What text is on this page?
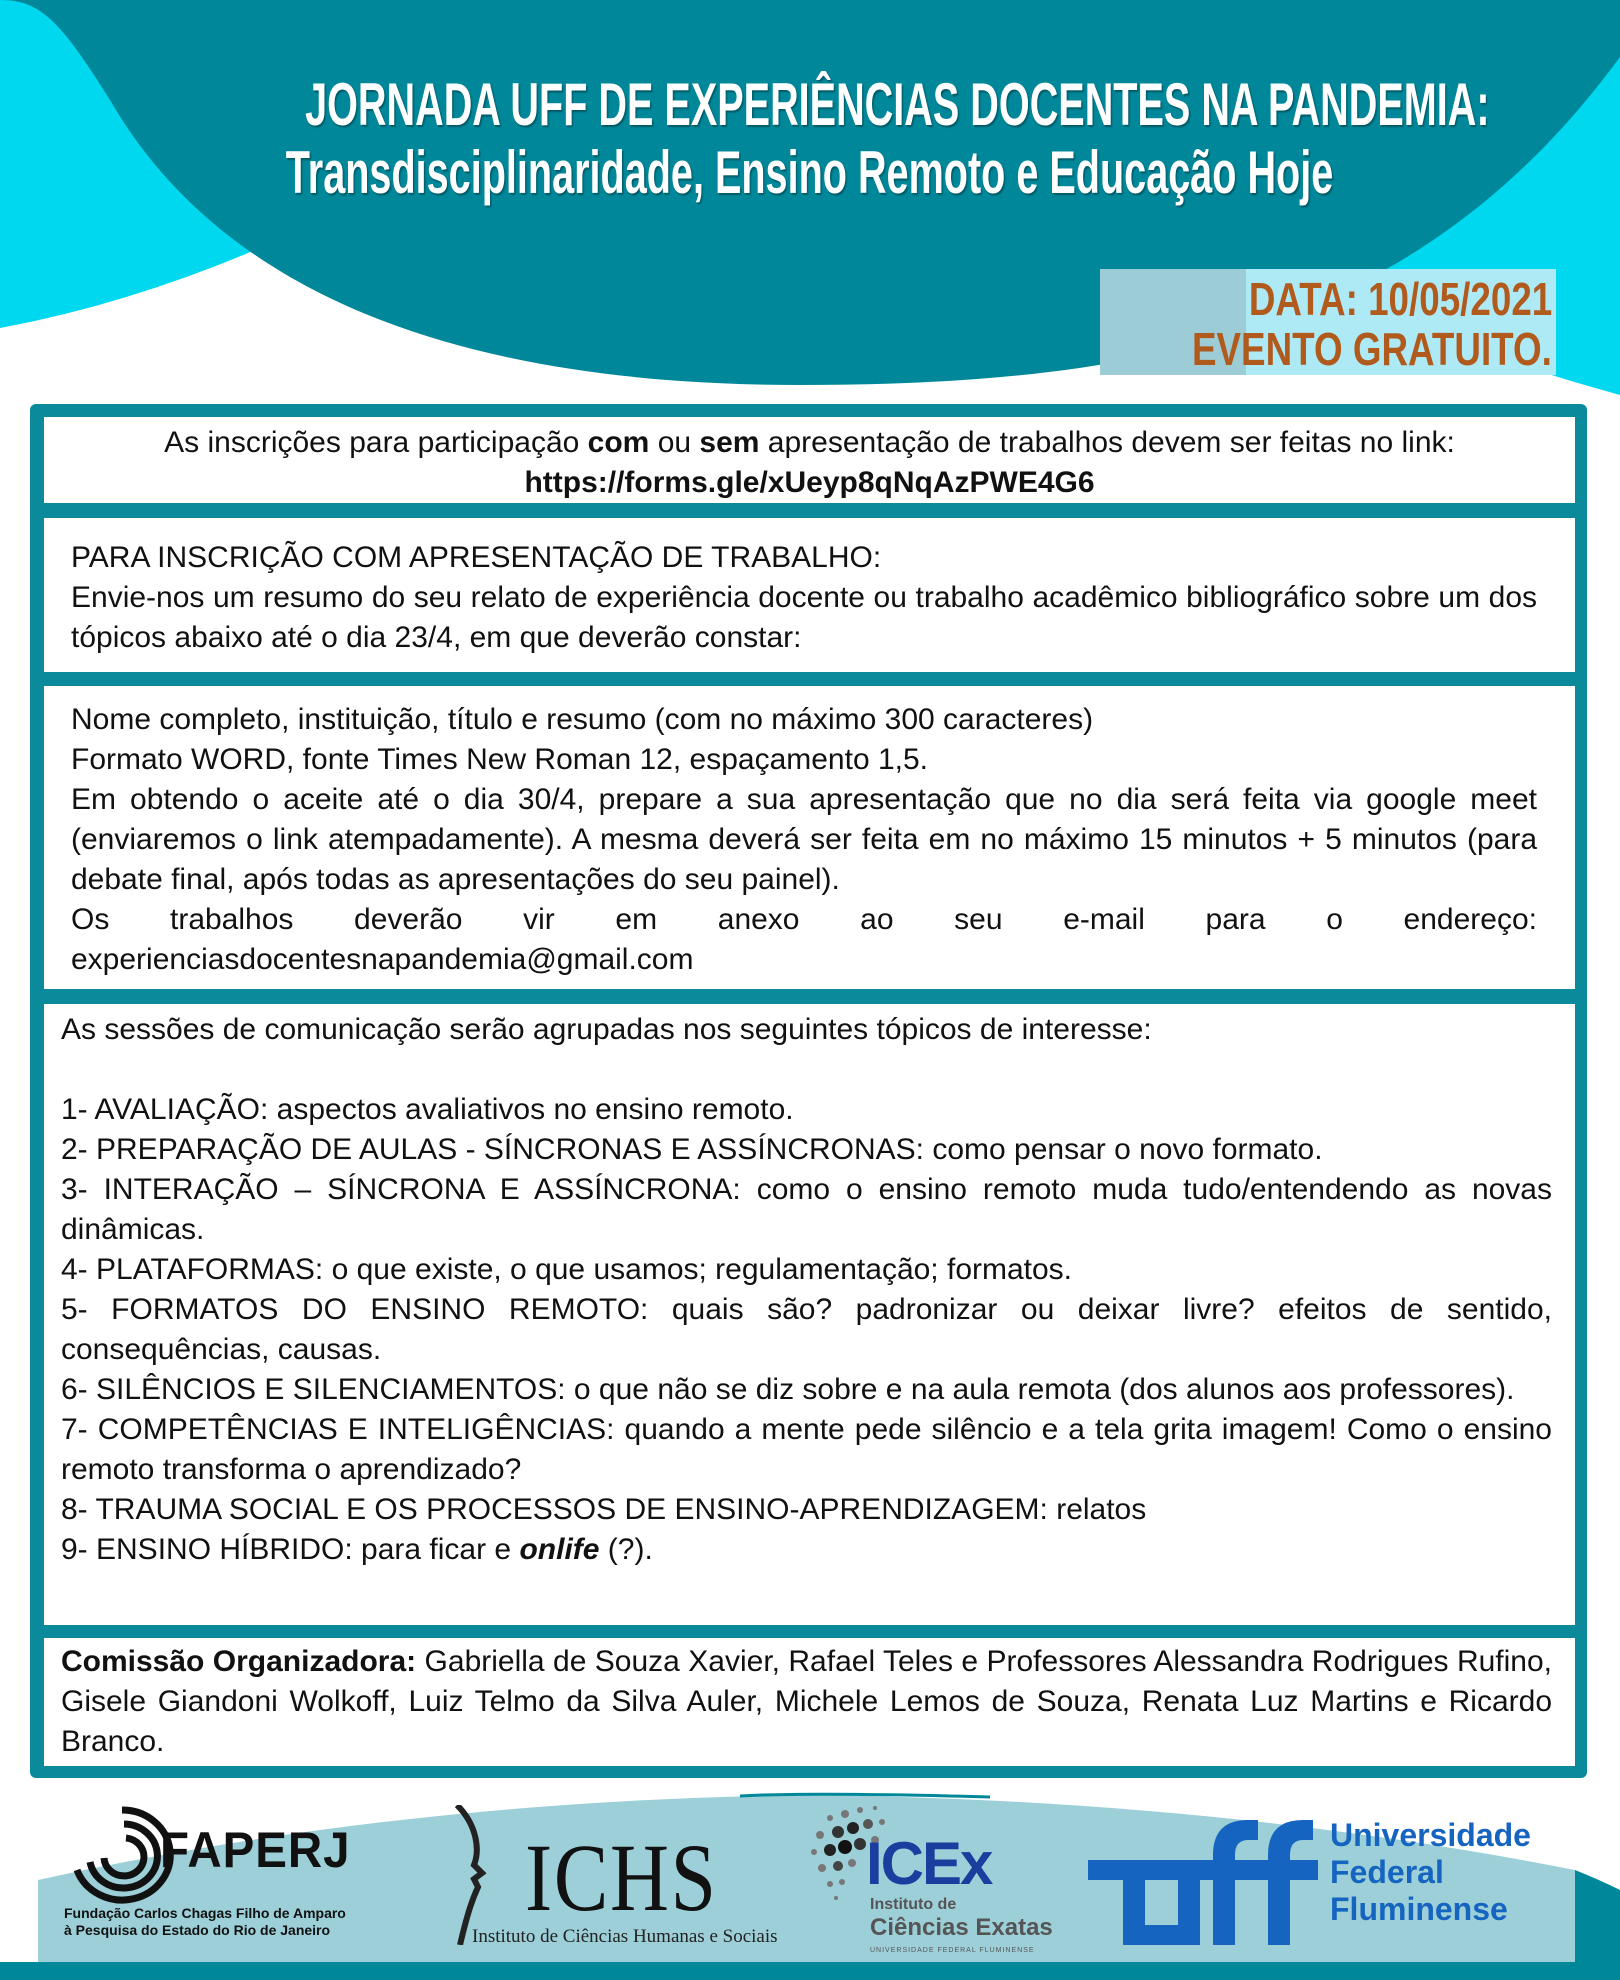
JORNADA UFF DE EXPERIÊNCIAS DOCENTES NA PANDEMIA:
Transdisciplinaridade, Ensino Remoto e Educação Hoje
DATA: 10/05/2021
EVENTO GRATUITO.
As inscrições para participação com ou sem apresentação de trabalhos devem ser feitas no link: https://forms.gle/xUeyp8qNqAzPWE4G6

PARA INSCRIÇÃO COM APRESENTAÇÃO DE TRABALHO:

Envie-nos um resumo do seu relato de experiência docente ou trabalho acadêmico bibliográfico sobre um dos tópicos abaixo até o dia 23/4, em que deverão constar:

Nome completo, instituição, título e resumo (com no máximo 300 caracteres)

Formato WORD, fonte Times New Roman 12, espaçamento 1,5.

Em obtendo o aceite até o dia 30/4, prepare a sua apresentação que no dia será feita via google meet (enviaremos o link atempadamente). A mesma deverá ser feita em no máximo 15 minutos + 5 minutos (para debate final, após todas as apresentações do seu painel).

Os trabalhos deverão vir em anexo ao seu e-mail para o endereço: experienciasdocentesnapandemia@gmail.com

As sessões de comunicação serão agrupadas nos seguintes tópicos de interesse:

1- AVALIAÇÃO: aspectos avaliativos no ensino remoto.

2- PREPARAÇÃO DE AULAS - SÍNCRONAS E ASSÍNCRONAS: como pensar o novo formato.

3- INTERAÇÃO – SÍNCRONA E ASSÍNCRONA: como o ensino remoto muda tudo/entendendo as novas dinâmicas.

4- PLATAFORMAS: o que existe, o que usamos; regulamentação; formatos.

5- FORMATOS DO ENSINO REMOTO: quais são? padronizar ou deixar livre? efeitos de sentido, consequências, causas.

6- SILÊNCIOS E SILENCIAMENTOS: o que não se diz sobre e na aula remota (dos alunos aos professores).

7- COMPETÊNCIAS E INTELIGÊNCIAS: quando a mente pede silêncio e a tela grita imagem! Como o ensino remoto transforma o aprendizado?

8- TRAUMA SOCIAL E OS PROCESSOS DE ENSINO-APRENDIZAGEM: relatos

9- ENSINO HÍBRIDO: para ficar e onlife (?).

Comissão Organizadora: Gabriella de Souza Xavier, Rafael Teles e Professores Alessandra Rodrigues Rufino, Gisele Giandoni Wolkoff, Luiz Telmo da Silva Auler, Michele Lemos de Souza, Renata Luz Martins e Ricardo Branco.
FAPERJ
Fundação Carlos Chagas Filho de Amparo
à Pesquisa do Estado do Rio de Janeiro ICHS
Instituto de Ciências Humanas e Sociais
ICEx
Instituto de
Ciências Exatas
UNIVERSIDADE FEDERAL FLUMINENSE
Universidade
Federal
Fluminense
